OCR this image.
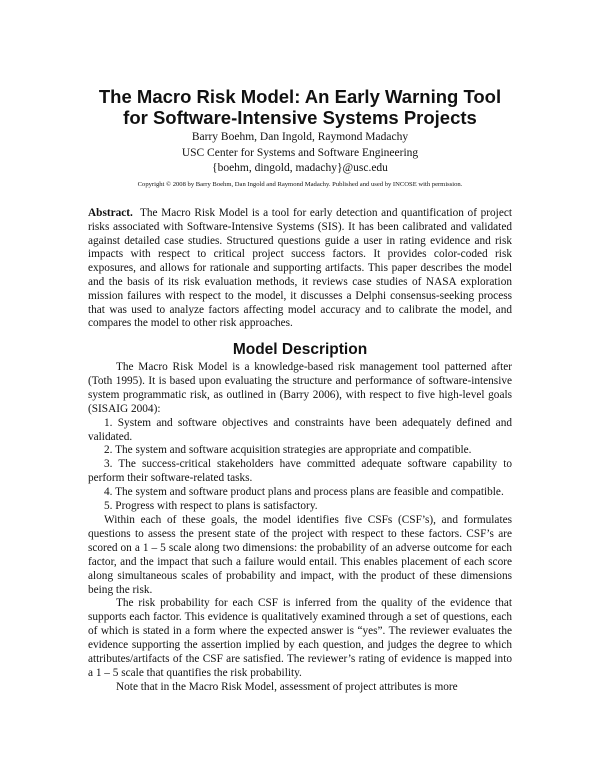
The Macro Risk Model: An Early Warning Tool
for Software-Intensive Systems Projects
Barry Boehm, Dan Ingold, Raymond Madachy
USC Center for Systems and Software Engineering
{boehm, dingold, madachy}@usc.edu
Copyright © 2008 by Barry Boehm, Dan Ingold and Raymond Madachy. Published and used by INCOSE with permission.

Abstract. The Macro Risk Model is a tool for early detection and quantification of project risks associated with Software-Intensive Systems (SIS). It has been calibrated and validated against detailed case studies. Structured questions guide a user in rating evidence and risk impacts with respect to critical project success factors. It provides color-coded risk exposures, and allows for rationale and supporting artifacts. This paper describes the model and the basis of its risk evaluation methods, it reviews case studies of NASA exploration mission failures with respect to the model, it discusses a Delphi consensus-seeking process that was used to analyze factors affecting model accuracy and to calibrate the model, and compares the model to other risk approaches.

Model Description

The Macro Risk Model is a knowledge-based risk management tool patterned after (Toth 1995). It is based upon evaluating the structure and performance of software-intensive system programmatic risk, as outlined in (Barry 2006), with respect to five high-level goals (SISAIG 2004):

1. System and software objectives and constraints have been adequately defined and validated.

2. The system and software acquisition strategies are appropriate and compatible.

3. The success-critical stakeholders have committed adequate software capability to perform their software-related tasks.

4. The system and software product plans and process plans are feasible and compatible.

5. Progress with respect to plans is satisfactory.

Within each of these goals, the model identifies five CSFs (CSF’s), and formulates questions to assess the present state of the project with respect to these factors. CSF’s are scored on a 1 – 5 scale along two dimensions: the probability of an adverse outcome for each factor, and the impact that such a failure would entail. This enables placement of each score along simultaneous scales of probability and impact, with the product of these dimensions being the risk.

The risk probability for each CSF is inferred from the quality of the evidence that supports each factor. This evidence is qualitatively examined through a set of questions, each of which is stated in a form where the expected answer is “yes”. The reviewer evaluates the evidence supporting the assertion implied by each question, and judges the degree to which attributes/artifacts of the CSF are satisfied. The reviewer’s rating of evidence is mapped into a 1 – 5 scale that quantifies the risk probability.

Note that in the Macro Risk Model, assessment of project attributes is more
